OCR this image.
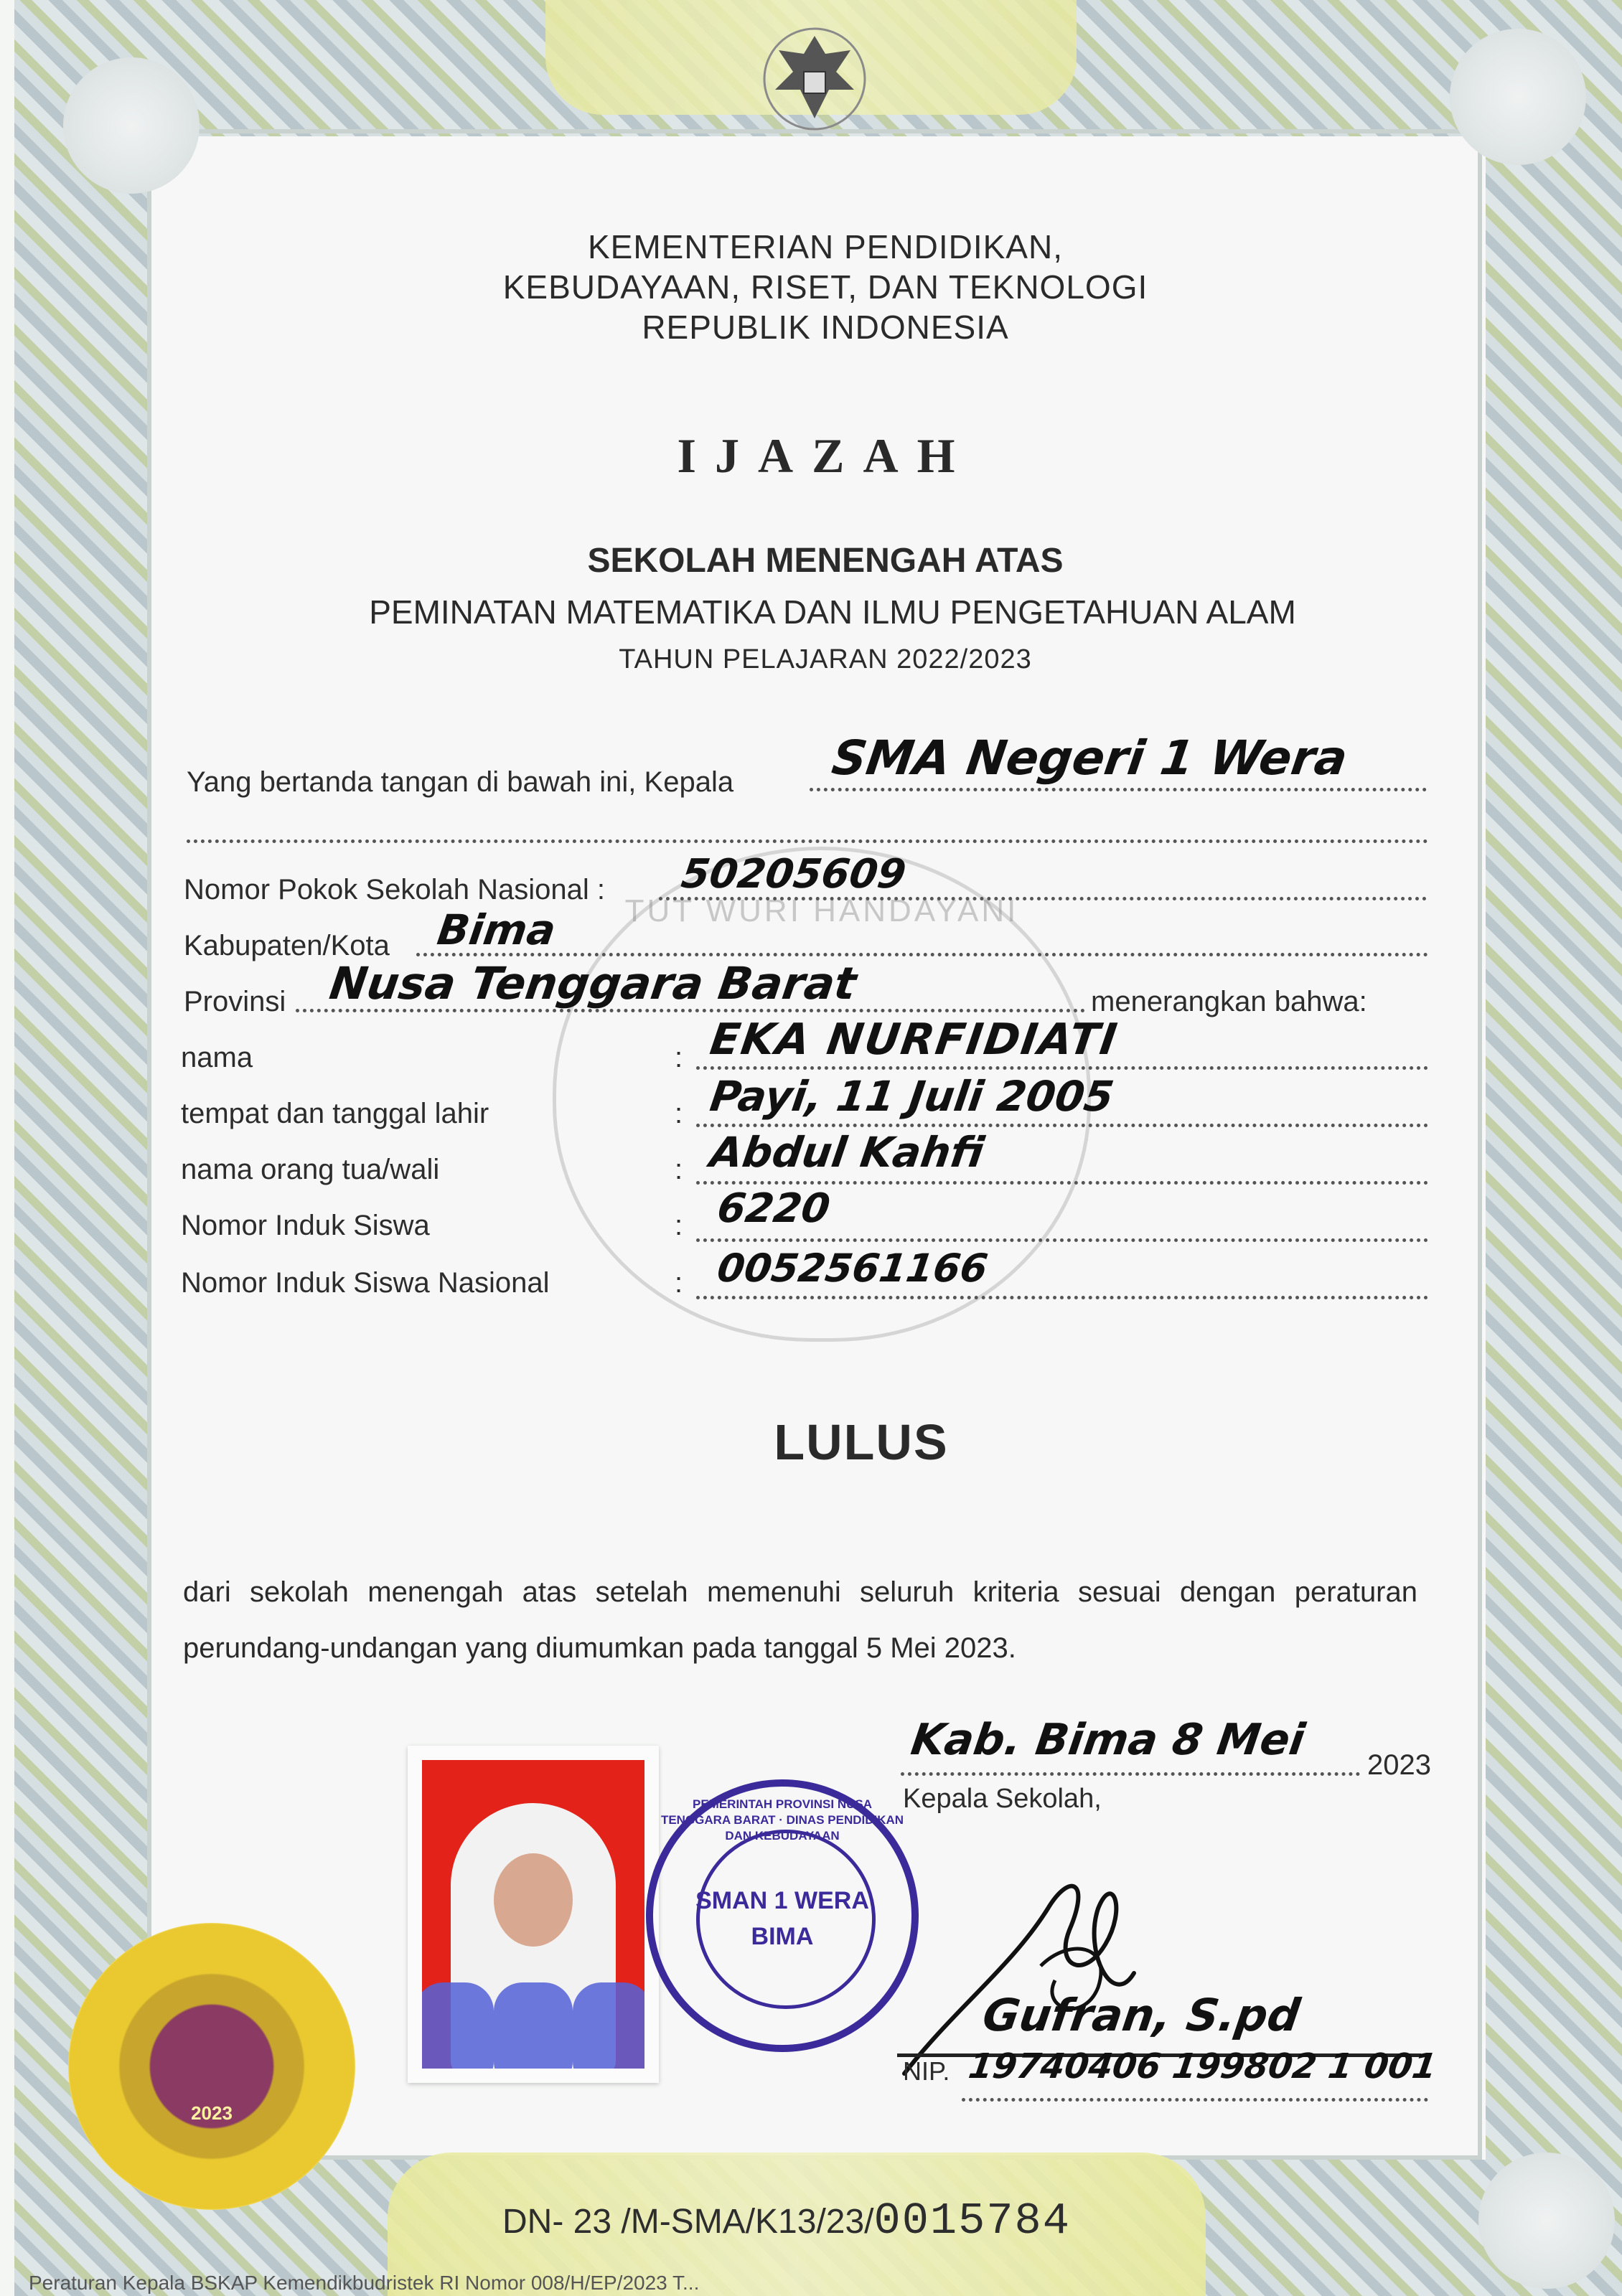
KEMENTERIAN PENDIDIKAN,
KEBUDAYAAN, RISET, DAN TEKNOLOGI
REPUBLIK INDONESIA
IJAZAH
SEKOLAH MENENGAH ATAS
PEMINATAN MATEMATIKA DAN ILMU PENGETAHUAN ALAM
TAHUN PELAJARAN 2022/2023
TUT WURI HANDAYANI
Yang bertanda tangan di bawah ini, Kepala SMA Negeri 1 Wera
Nomor Pokok Sekolah Nasional : 50205609
Kabupaten/Kota Bima
Provinsi Nusa Tenggara Barat	menerangkan bahwa:
nama	: EKA NURFIDIATI
tempat dan tanggal lahir	: Payi, 11 Juli 2005
nama orang tua/wali	: Abdul Kahfi
Nomor Induk Siswa	: 6220
Nomor Induk Siswa Nasional	: 0052561166
LULUS
dari sekolah menengah atas setelah memenuhi seluruh kriteria sesuai dengan peraturan perundang-undangan yang diumumkan pada tanggal 5 Mei 2023.
Kab. Bima 8 Mei 2023
Kepala Sekolah,
Gufran, S.pd
NIP. 19740406 199802 1 001
PEMERINTAH PROVINSI NUSA TENGGARA BARAT · DINAS PENDIDIKAN DAN KEBUDAYAAN
SMAN 1 WERA
BIMA
2023
DN- 23 /M-SMA/K13/23/0015784
Peraturan Kepala BSKAP Kemendikbudristek RI Nomor 008/H/EP/2023 T...
